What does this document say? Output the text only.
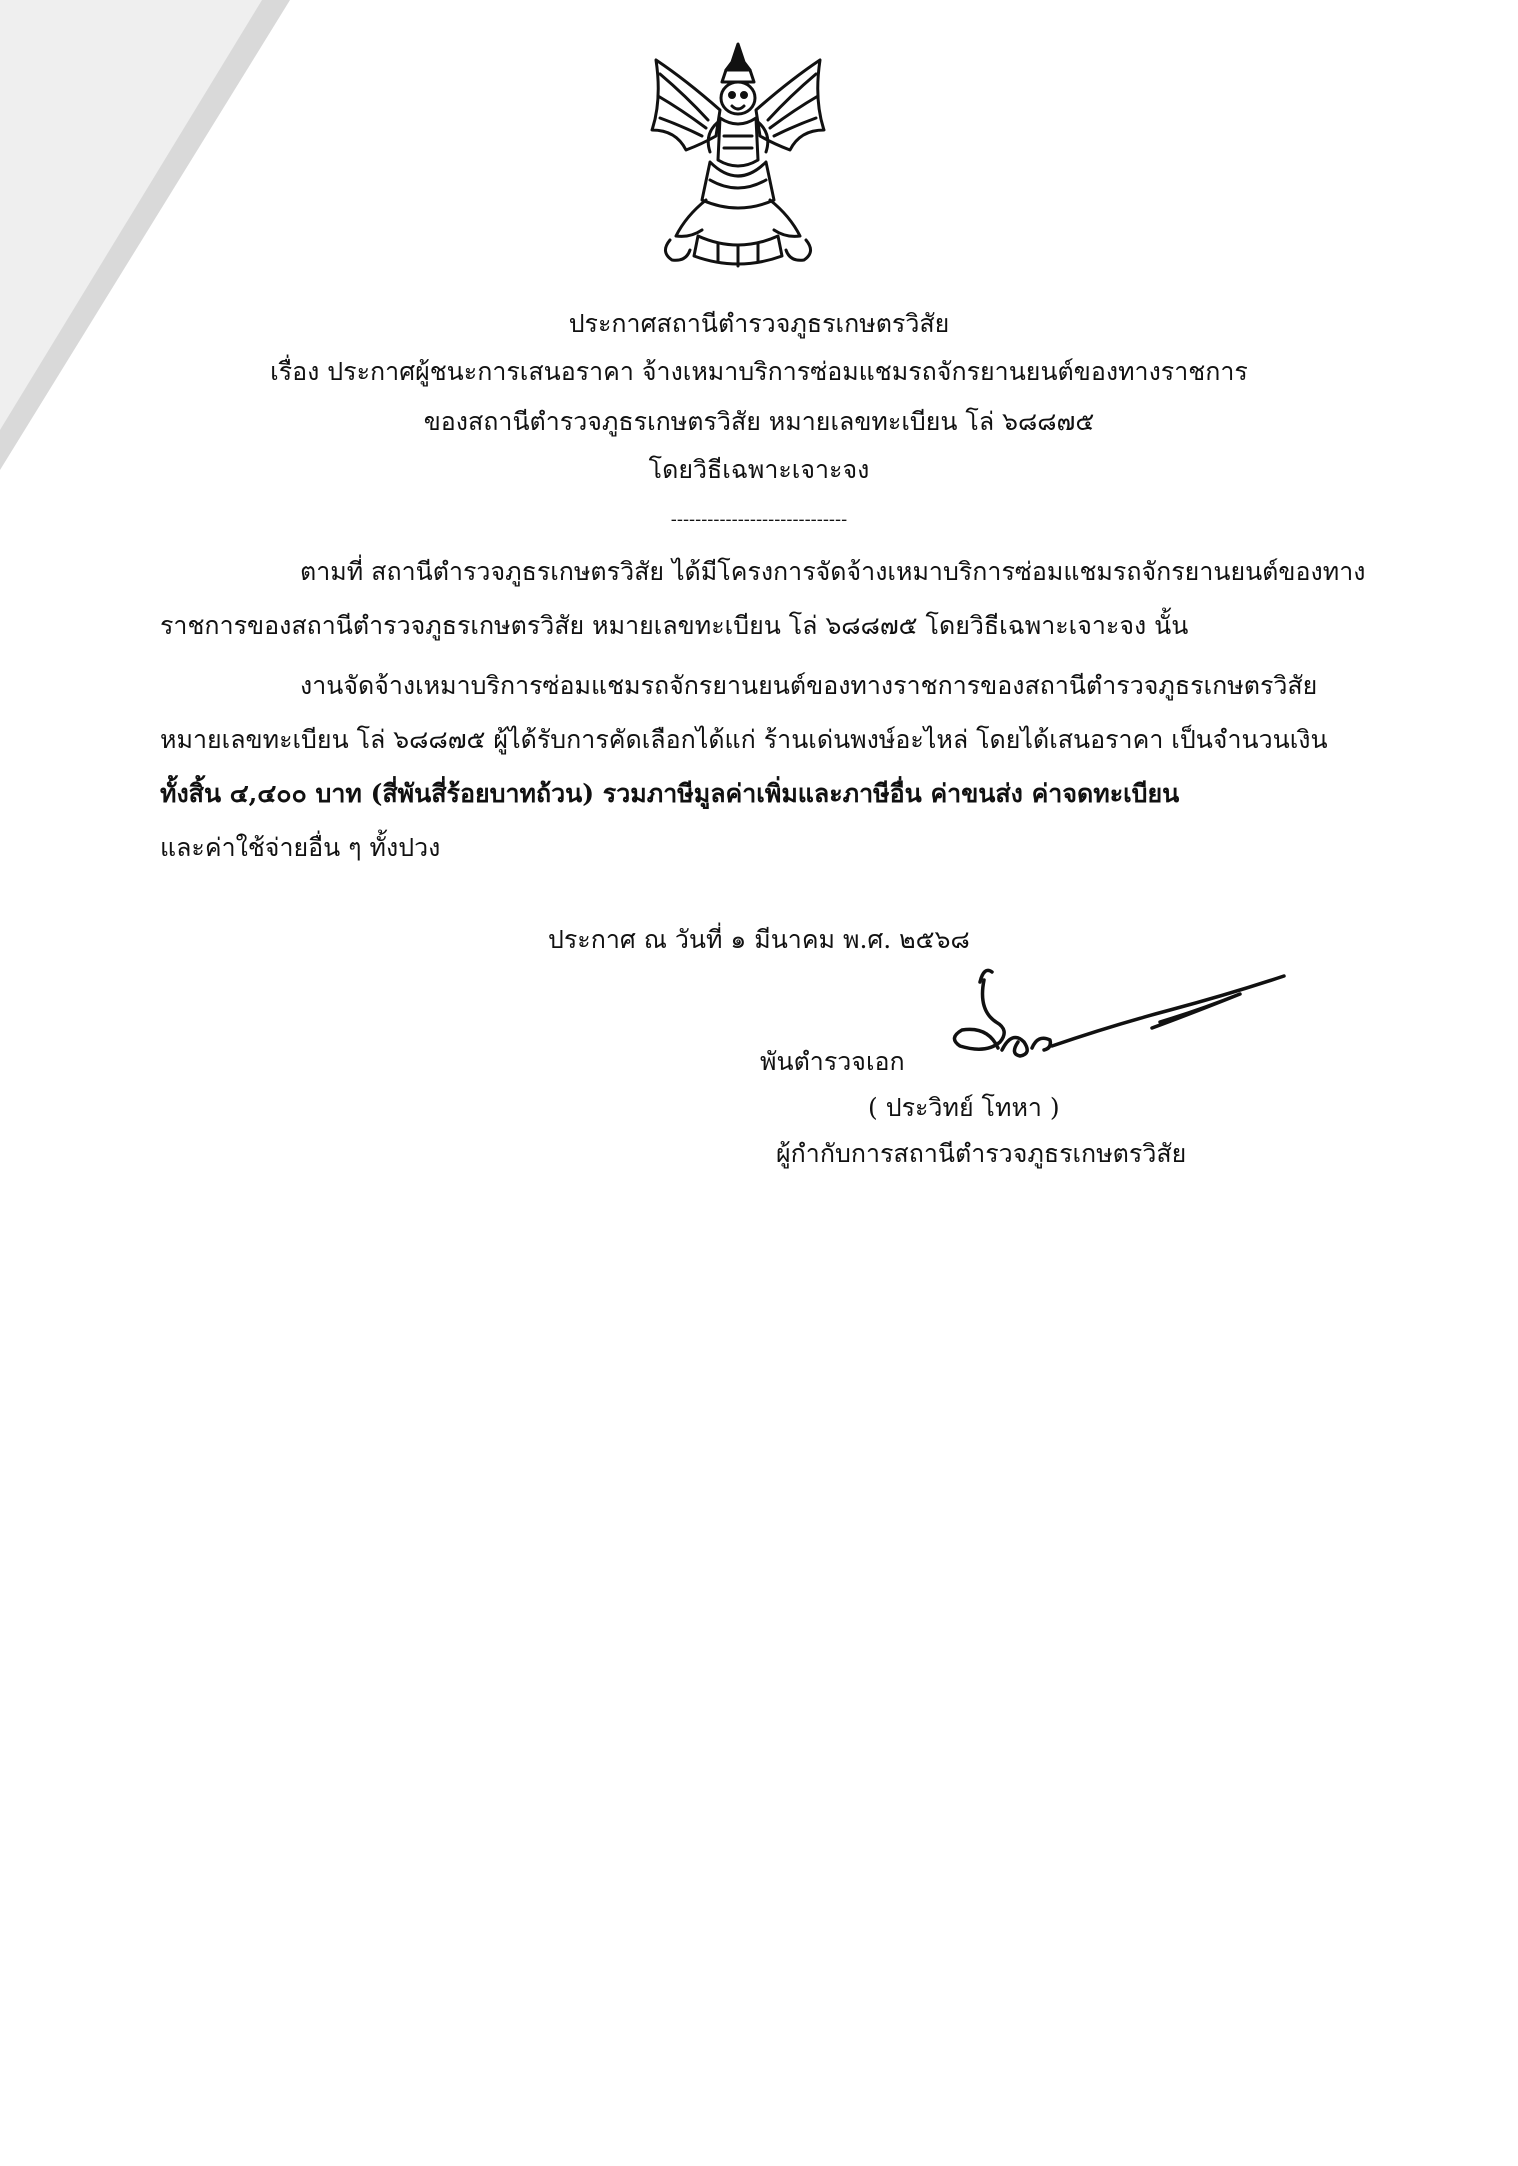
ประกาศสถานีตำรวจภูธรเกษตรวิสัย
เรื่อง ประกาศผู้ชนะการเสนอราคา จ้างเหมาบริการซ่อมแชมรถจักรยานยนต์ของทางราชการ
ของสถานีตำรวจภูธรเกษตรวิสัย หมายเลขทะเบียน โล่ ๖๘๘๗๕
โดยวิธีเฉพาะเจาะจง
-----------------------------
ตามที่ สถานีตำรวจภูธรเกษตรวิสัย ได้มีโครงการจัดจ้างเหมาบริการซ่อมแชมรถจักรยานยนต์ของทาง
ราชการของสถานีตำรวจภูธรเกษตรวิสัย หมายเลขทะเบียน โล่ ๖๘๘๗๕ โดยวิธีเฉพาะเจาะจง นั้น
งานจัดจ้างเหมาบริการซ่อมแชมรถจักรยานยนต์ของทางราชการของสถานีตำรวจภูธรเกษตรวิสัย
หมายเลขทะเบียน โล่ ๖๘๘๗๕ ผู้ได้รับการคัดเลือกได้แก่ ร้านเด่นพงษ์อะไหล่ โดยได้เสนอราคา เป็นจำนวนเงิน
ทั้งสิ้น ๔,๔๐๐ บาท (สี่พันสี่ร้อยบาทถ้วน) รวมภาษีมูลค่าเพิ่มและภาษีอื่น ค่าขนส่ง ค่าจดทะเบียน
และค่าใช้จ่ายอื่น ๆ ทั้งปวง
ประกาศ ณ วันที่ ๑ มีนาคม พ.ศ. ๒๕๖๘
พันตำรวจเอก
( ประวิทย์ โทหา )
ผู้กำกับการสถานีตำรวจภูธรเกษตรวิสัย
